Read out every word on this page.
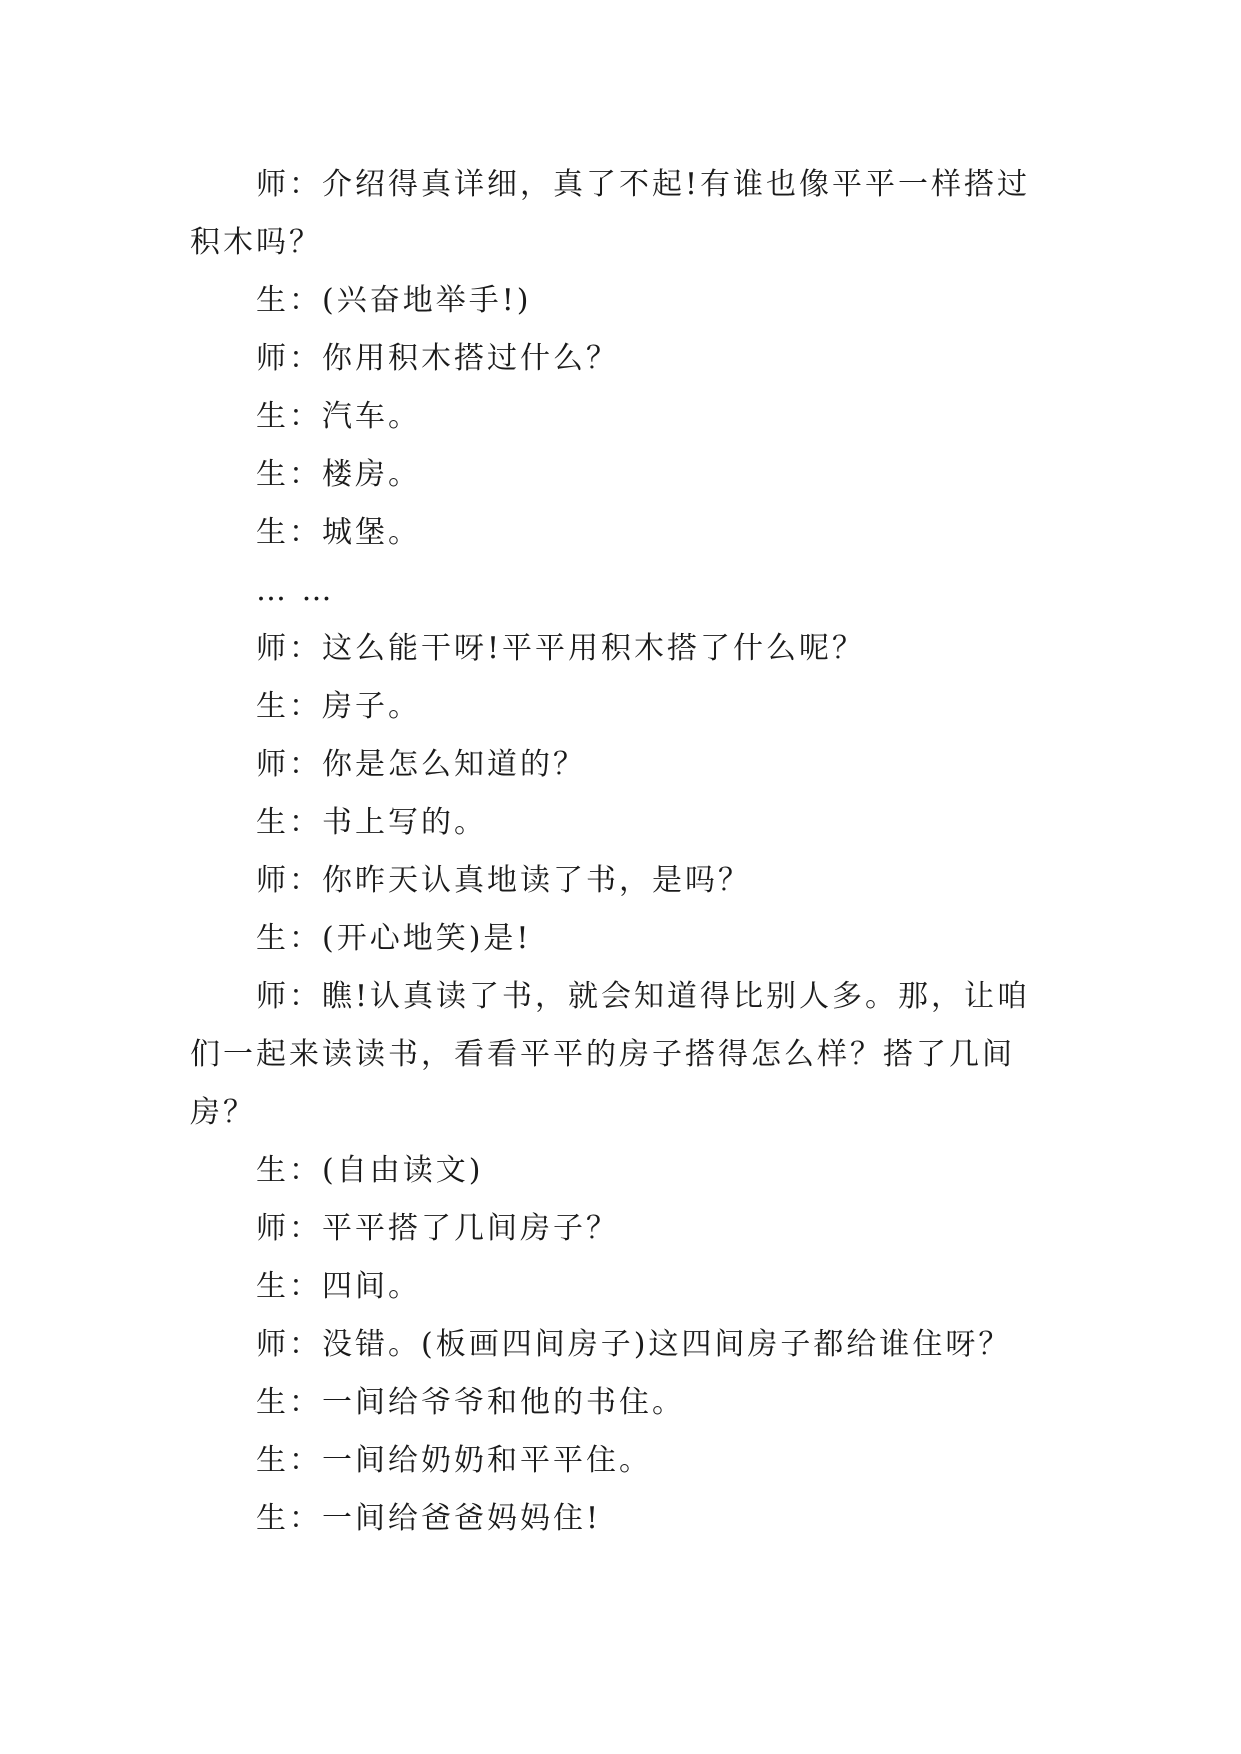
师：介绍得真详细，真了不起!有谁也像平平一样搭过积木吗？

生：(兴奋地举手!)

师：你用积木搭过什么？

生：汽车。

生：楼房。

生：城堡。

… …

师：这么能干呀!平平用积木搭了什么呢？

生：房子。

师：你是怎么知道的？

生：书上写的。

师：你昨天认真地读了书，是吗？

生：(开心地笑)是!

师：瞧!认真读了书，就会知道得比别人多。那，让咱们一起来读读书，看看平平的房子搭得怎么样？搭了几间房？

生：(自由读文)

师：平平搭了几间房子？

生：四间。

师：没错。(板画四间房子)这四间房子都给谁住呀？

生：一间给爷爷和他的书住。

生：一间给奶奶和平平住。

生：一间给爸爸妈妈住!
